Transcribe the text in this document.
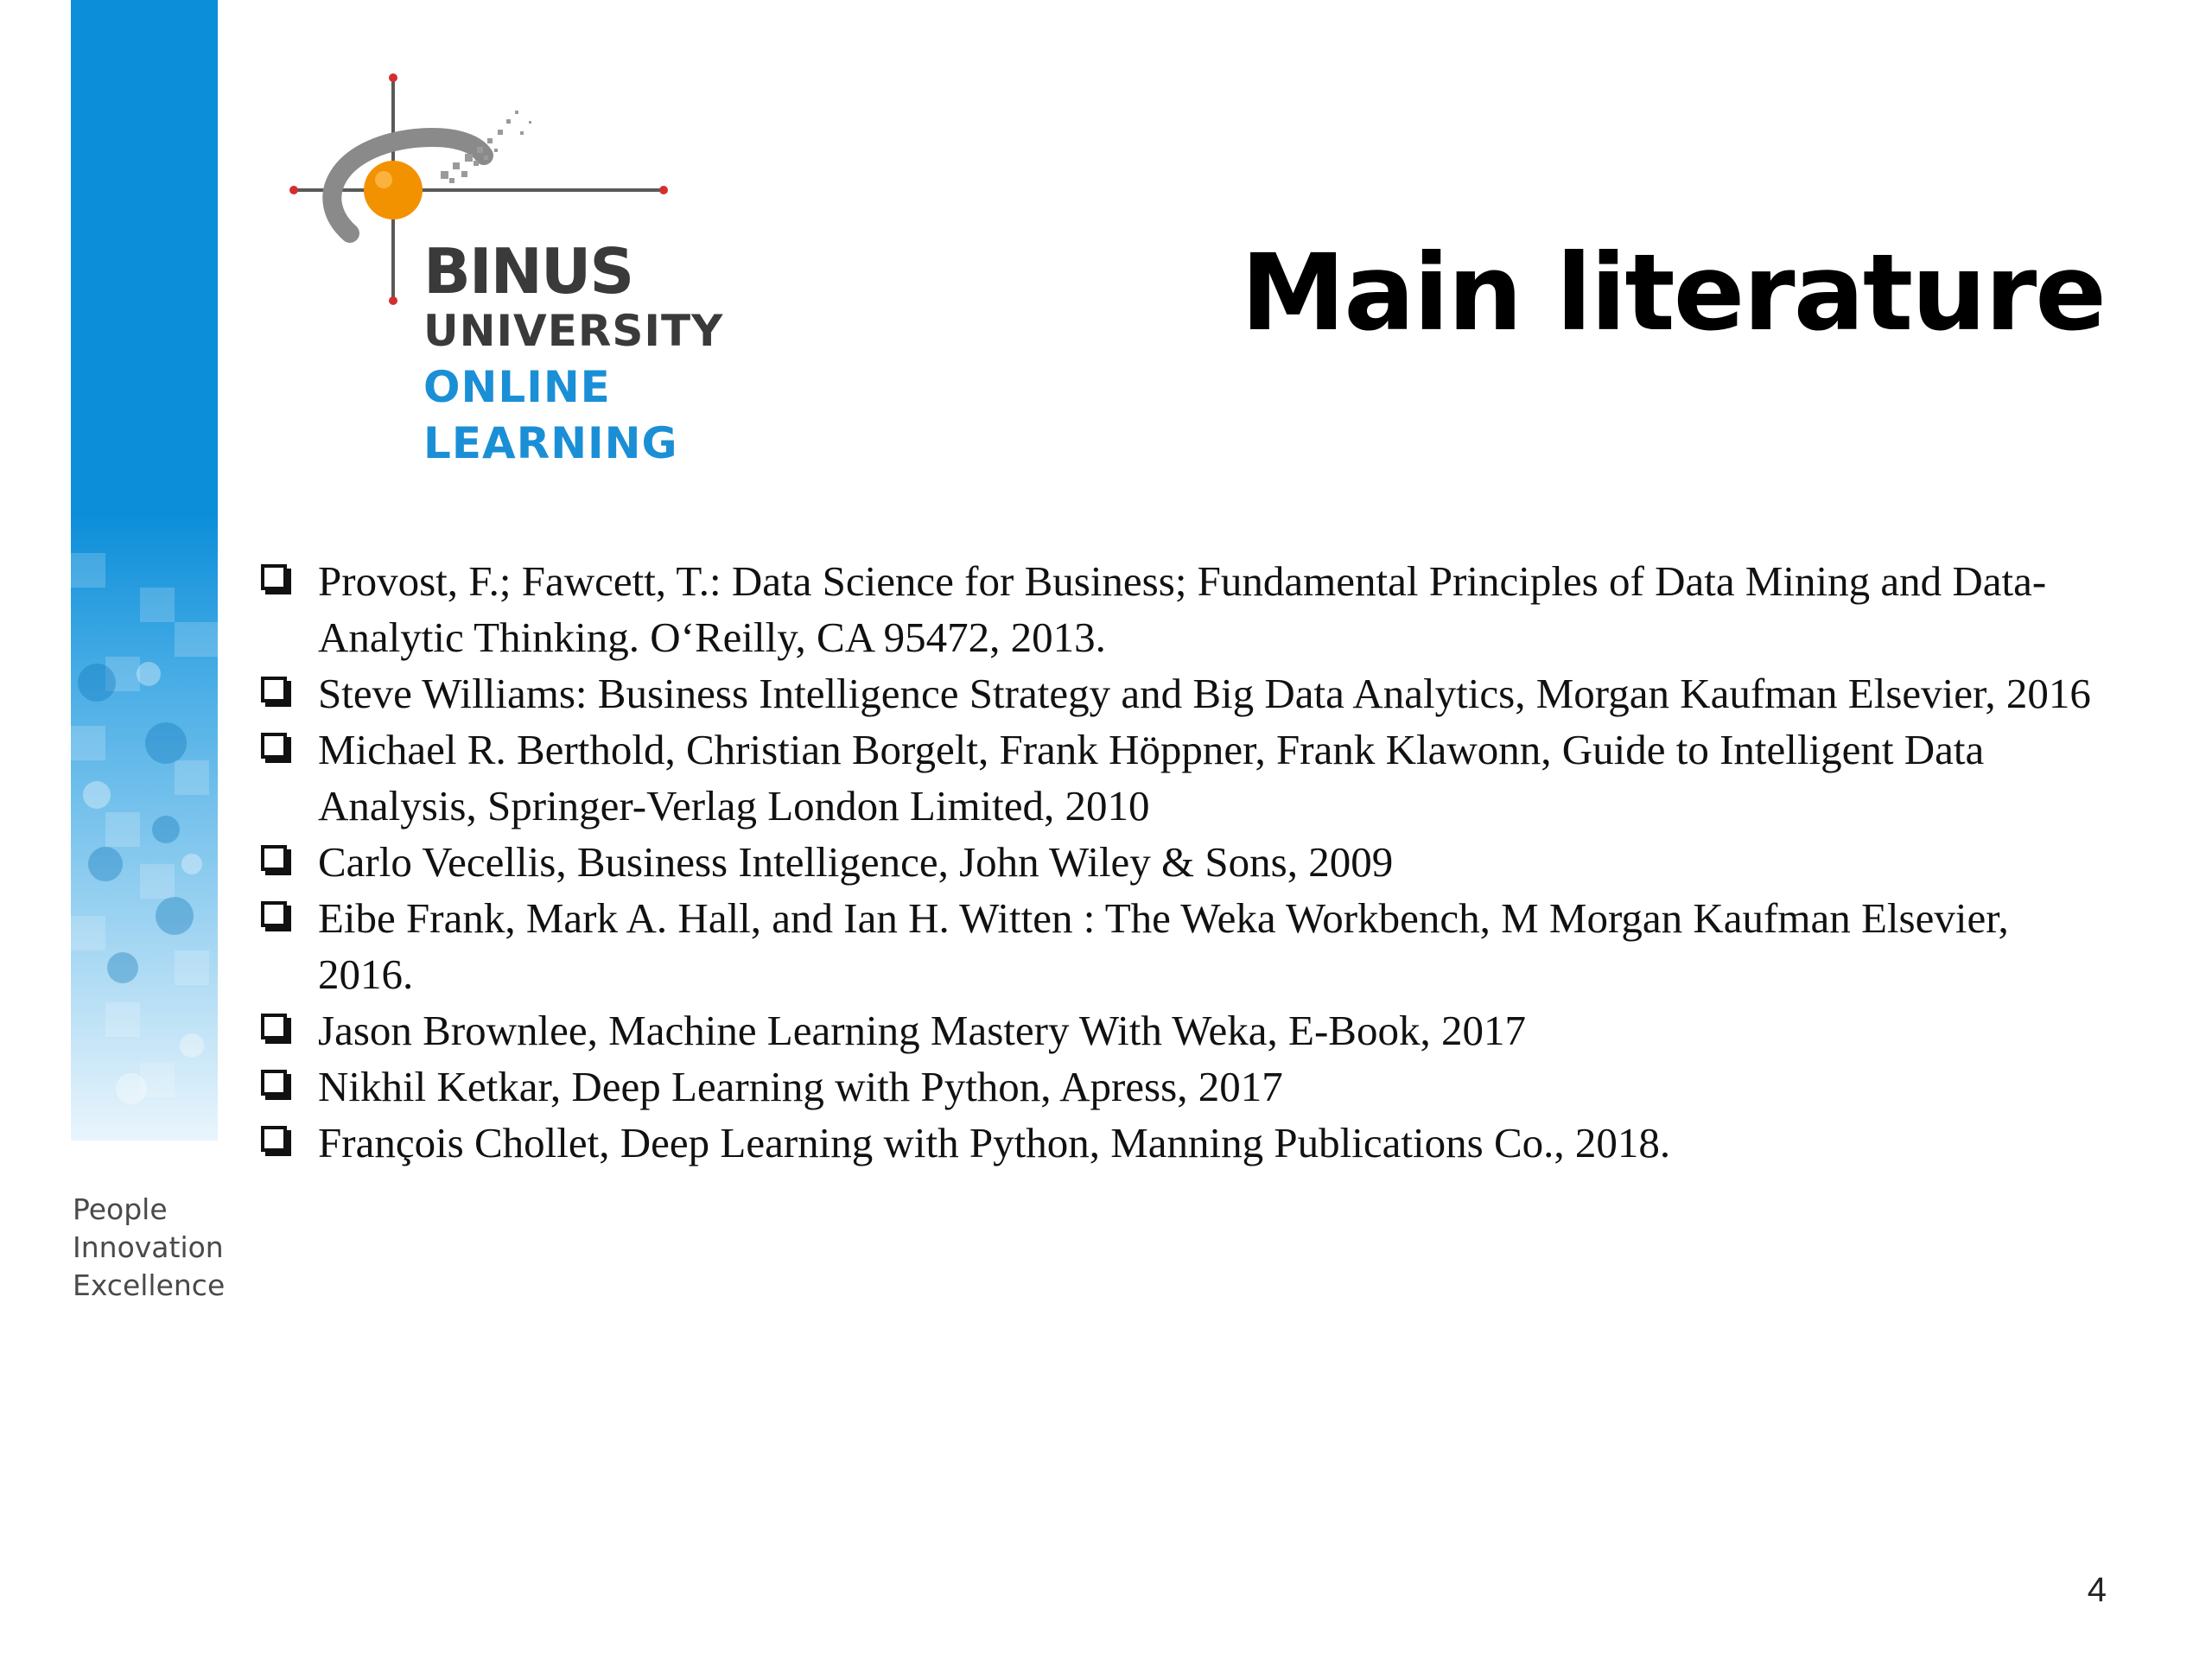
BINUS
UNIVERSITY
ONLINE
LEARNING
People
Innovation
Excellence
Main literature
Provost, F.; Fawcett, T.: Data Science for Business; Fundamental Principles of Data Mining and Data- Analytic Thinking. O‘Reilly, CA 95472, 2013.
Steve Williams: Business Intelligence Strategy and Big Data Analytics, Morgan Kaufman Elsevier, 2016
Michael R. Berthold, Christian Borgelt, Frank Höppner, Frank Klawonn, Guide to Intelligent Data Analysis, Springer-Verlag London Limited, 2010
Carlo Vecellis, Business Intelligence, John Wiley & Sons, 2009
Eibe Frank, Mark A. Hall, and Ian H. Witten : The Weka Workbench, M Morgan Kaufman Elsevier, 2016.
Jason Brownlee, Machine Learning Mastery With Weka, E-Book, 2017
Nikhil Ketkar, Deep Learning with Python, Apress, 2017
François Chollet, Deep Learning with Python, Manning Publications Co., 2018.
4
